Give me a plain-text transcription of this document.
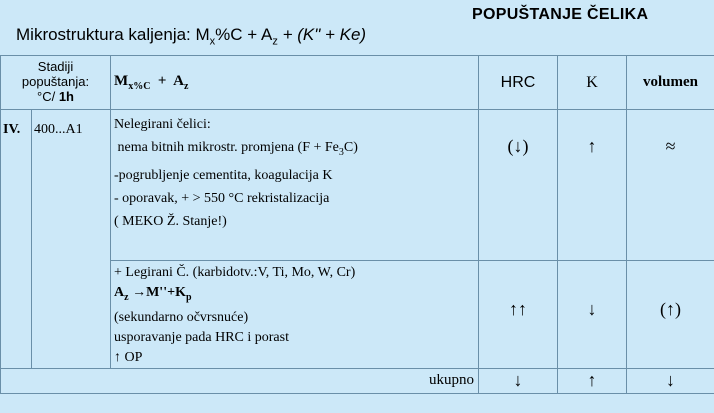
POPUŠTANJE ČELIKA
Mikrostruktura kaljenja: $M_x\%C + A_z + (K$" + Ke)
Stadiji
popuštanja:
°C/ 1h		$M_{x\%C} + A_z$	HRC	K	volumen
IV.	400...A1	Nelegirani čelici:
nema bitnih mikrostr. promjena $(F + Fe_3C)$
-pogrubljenje cementita, koagulacija K
- oporavak, + > 550 °C rekristalizacija
( MEKO Ž. Stanje!)	(↓)	↑	≈

		+ Legirani Č. (karbidotv.:V, Ti, Mo, W, Cr)
$A_z \to M''+K_p$
(sekundarno očvrsnuće)
usporavanje pada HRC i porast
↑ OP	↑↑	↓	(↑)
ukupno			↓	↑	↓
